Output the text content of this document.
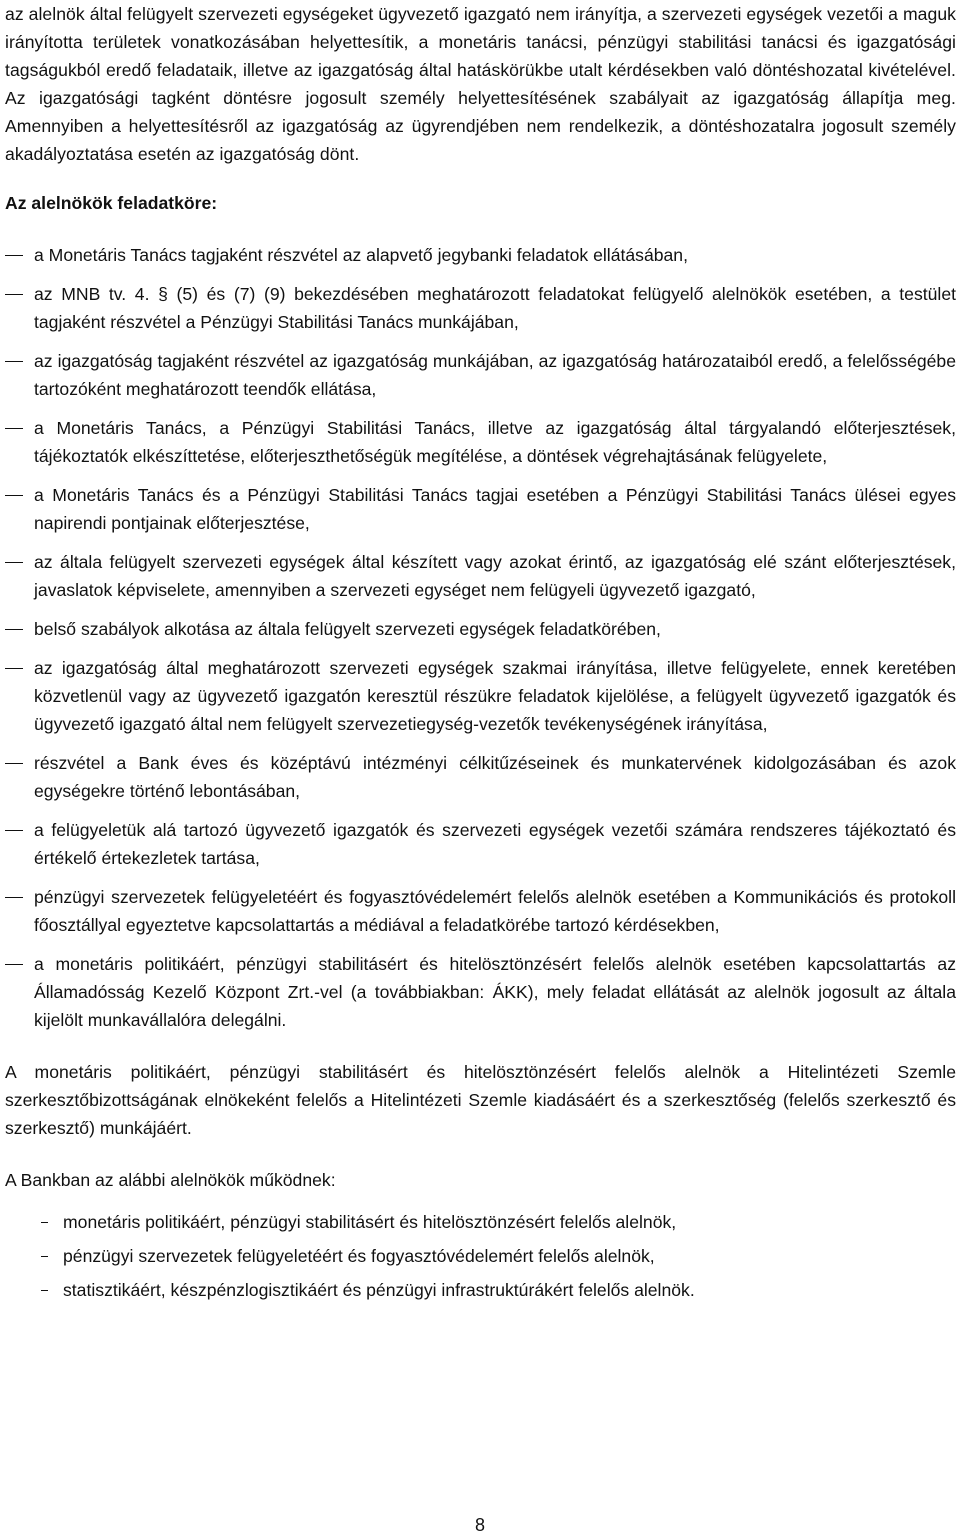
az alelnök által felügyelt szervezeti egységeket ügyvezető igazgató nem irányítja, a szervezeti egységek vezetői a maguk irányította területek vonatkozásában helyettesítik, a monetáris tanácsi, pénzügyi stabilitási tanácsi és igazgatósági tagságukból eredő feladataik, illetve az igazgatóság által hatáskörükbe utalt kérdésekben való döntéshozatal kivételével. Az igazgatósági tagként döntésre jogosult személy helyettesítésének szabályait az igazgatóság állapítja meg. Amennyiben a helyettesítésről az igazgatóság az ügyrendjében nem rendelkezik, a döntéshozatalra jogosult személy akadályoztatása esetén az igazgatóság dönt.

Az alelnökök feladatköre:

a Monetáris Tanács tagjaként részvétel az alapvető jegybanki feladatok ellátásában,
az MNB tv. 4. § (5) és (7) (9) bekezdésében meghatározott feladatokat felügyelő alelnökök esetében, a testület tagjaként részvétel a Pénzügyi Stabilitási Tanács munkájában,
az igazgatóság tagjaként részvétel az igazgatóság munkájában, az igazgatóság határozataiból eredő, a felelősségébe tartozóként meghatározott teendők ellátása,
a Monetáris Tanács, a Pénzügyi Stabilitási Tanács, illetve az igazgatóság által tárgyalandó előterjesztések, tájékoztatók elkészíttetése, előterjeszthetőségük megítélése, a döntések végrehajtásának felügyelete,
a Monetáris Tanács és a Pénzügyi Stabilitási Tanács tagjai esetében a Pénzügyi Stabilitási Tanács ülései egyes napirendi pontjainak előterjesztése,
az általa felügyelt szervezeti egységek által készített vagy azokat érintő, az igazgatóság elé szánt előterjesztések, javaslatok képviselete, amennyiben a szervezeti egységet nem felügyeli ügyvezető igazgató,
belső szabályok alkotása az általa felügyelt szervezeti egységek feladatkörében,
az igazgatóság által meghatározott szervezeti egységek szakmai irányítása, illetve felügyelete, ennek keretében közvetlenül vagy az ügyvezető igazgatón keresztül részükre feladatok kijelölése, a felügyelt ügyvezető igazgatók és ügyvezető igazgató által nem felügyelt szervezetiegység-vezetők tevékenységének irányítása,
részvétel a Bank éves és középtávú intézményi célkitűzéseinek és munkatervének kidolgozásában és azok egységekre történő lebontásában,
a felügyeletük alá tartozó ügyvezető igazgatók és szervezeti egységek vezetői számára rendszeres tájékoztató és értékelő értekezletek tartása,
pénzügyi szervezetek felügyeletéért és fogyasztóvédelemért felelős alelnök esetében a Kommunikációs és protokoll főosztállyal egyeztetve kapcsolattartás a médiával a feladatkörébe tartozó kérdésekben,
a monetáris politikáért, pénzügyi stabilitásért és hitelösztönzésért felelős alelnök esetében kapcsolattartás az Államadósság Kezelő Központ Zrt.-vel (a továbbiakban: ÁKK), mely feladat ellátását az alelnök jogosult az általa kijelölt munkavállalóra delegálni.

A monetáris politikáért, pénzügyi stabilitásért és hitelösztönzésért felelős alelnök a Hitelintézeti Szemle szerkesztőbizottságának elnökeként felelős a Hitelintézeti Szemle kiadásáért és a szerkesztőség (felelős szerkesztő és szerkesztő) munkájáért.

A Bankban az alábbi alelnökök működnek:

monetáris politikáért, pénzügyi stabilitásért és hitelösztönzésért felelős alelnök,
pénzügyi szervezetek felügyeletéért és fogyasztóvédelemért felelős alelnök,
statisztikáért, készpénzlogisztikáért és pénzügyi infrastruktúrákért felelős alelnök.
8
